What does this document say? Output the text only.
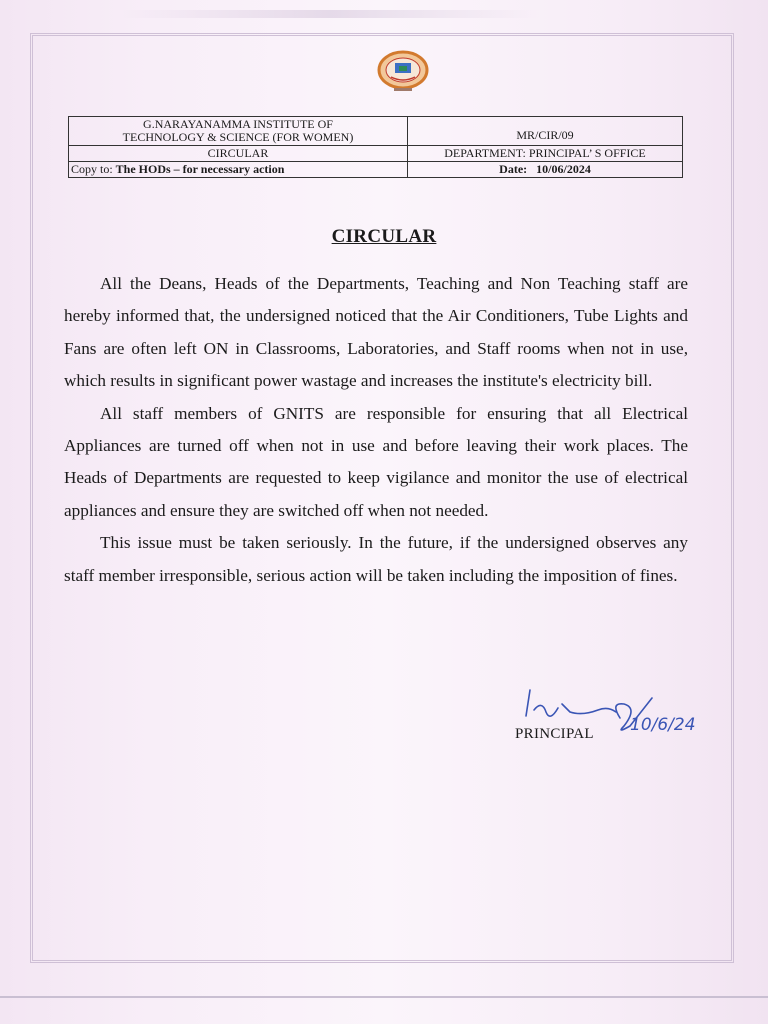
G.NARAYANAMMA INSTITUTE OF
TECHNOLOGY & SCIENCE (FOR WOMEN)	MR/CIR/09
CIRCULAR	DEPARTMENT: PRINCIPAL’ S OFFICE
Copy to: The HODs – for necessary action	Date: 10/06/2024
CIRCULAR

All the Deans, Heads of the Departments, Teaching and Non Teaching staff are hereby informed that, the undersigned noticed that the Air Conditioners, Tube Lights and Fans are often left ON in Classrooms, Laboratories, and Staff rooms when not in use, which results in significant power wastage and increases the institute's electricity bill.

All staff members of GNITS are responsible for ensuring that all Electrical Appliances are turned off when not in use and before leaving their work places. The Heads of Departments are requested to keep vigilance and monitor the use of electrical appliances and ensure they are switched off when not needed.

This issue must be taken seriously. In the future, if the undersigned observes any staff member irresponsible, serious action will be taken including the imposition of fines.

10/6/24
PRINCIPAL
